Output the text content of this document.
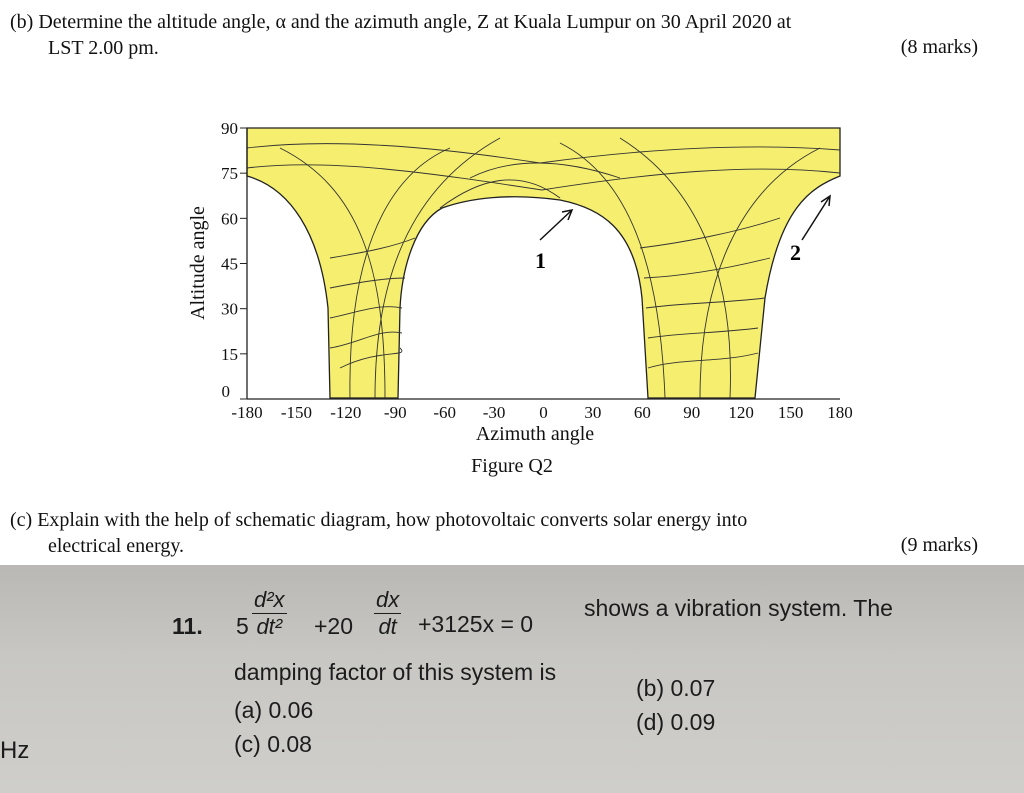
(b) Determine the altitude angle, α and the azimuth angle, Z at Kuala Lumpur on 30 April 2020 at
LST 2.00 pm.	(8 marks)
0
15
30
45
60
75
90
-180 -150 -120 -90 -60 -30 0 30 60 90 120 150 180
Altitude angle
Azimuth angle
1	2
Figure Q2
(c) Explain with the help of schematic diagram, how photovoltaic converts solar energy into
electrical energy.	(9 marks)
11. $5 \frac{\text{d²x}}{\text{dt²}} +20 \frac{dx}{dt} +3125x = 0$
shows a vibration system. The
damping factor of this system is
(a) 0.06
(b) 0.07
(c) 0.08
(d) 0.09
Hz
